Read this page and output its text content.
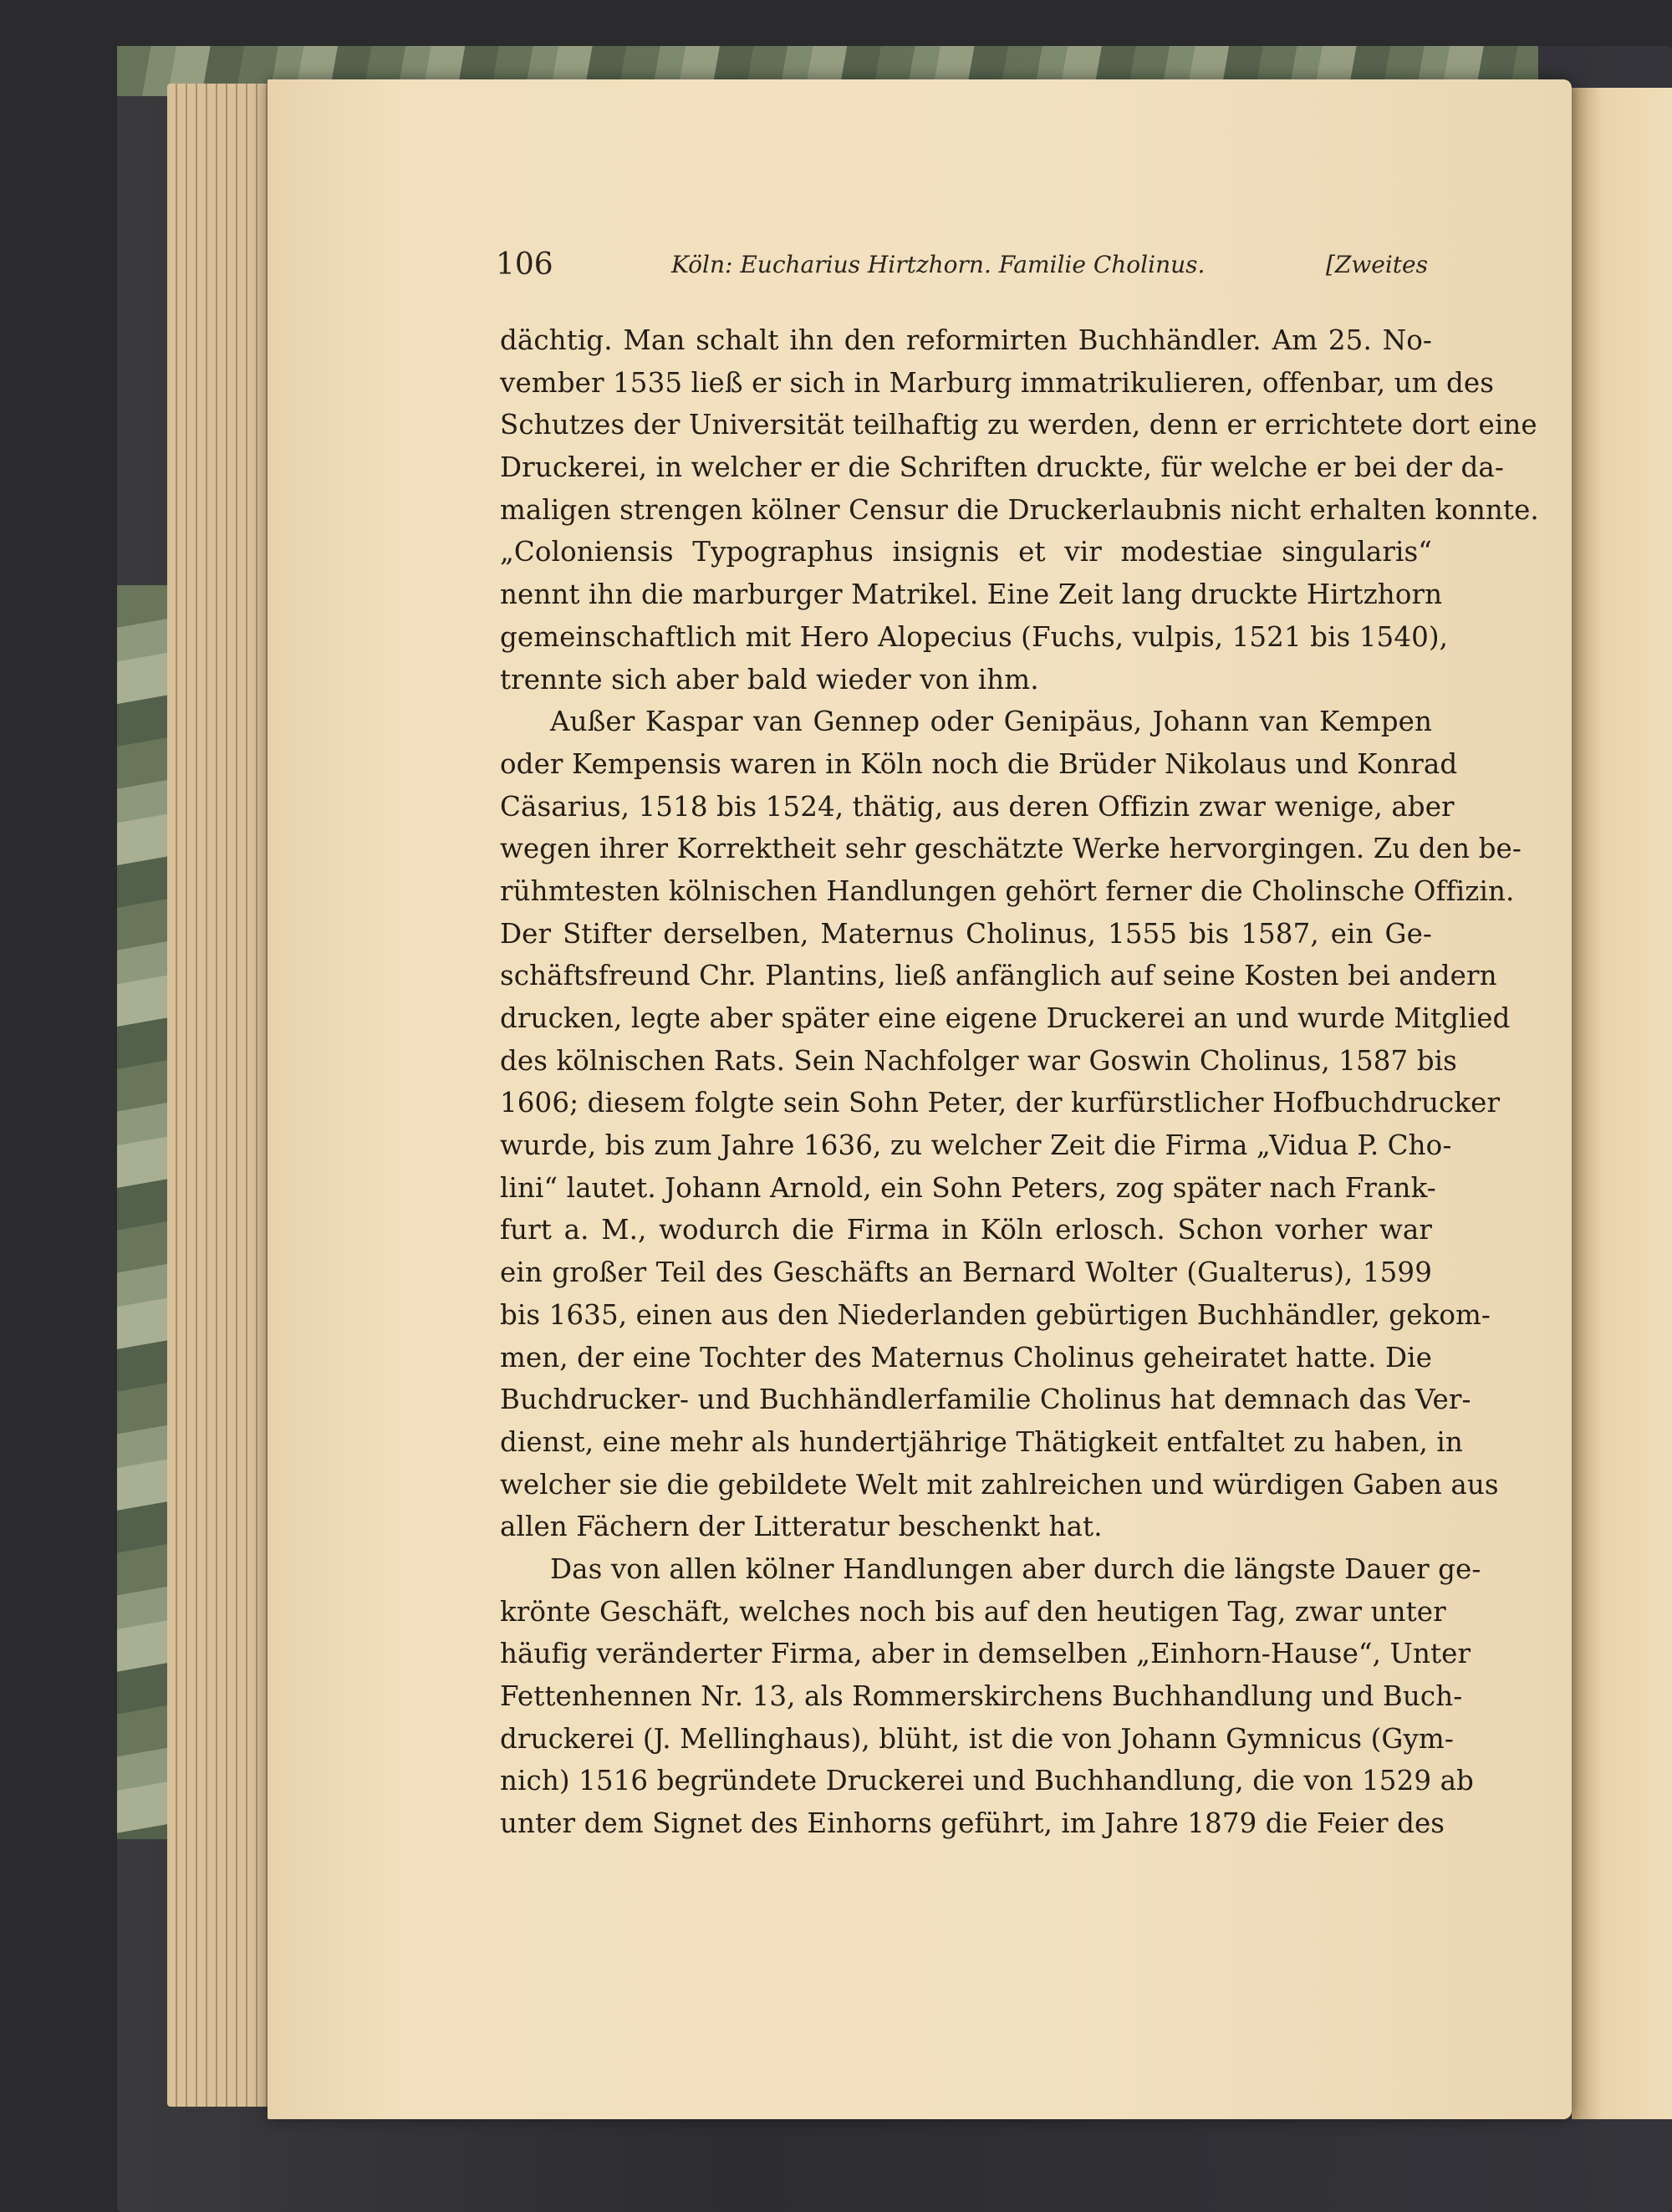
106	Köln: Eucharius Hirtzhorn. Familie Cholinus.	[Zweites
dächtig. Man schalt ihn den reformirten Buchhändler. Am 25. No-
vember 1535 ließ er sich in Marburg immatrikulieren, offenbar, um des
Schutzes der Universität teilhaftig zu werden, denn er errichtete dort eine
Druckerei, in welcher er die Schriften druckte, für welche er bei der da-
maligen strengen kölner Censur die Druckerlaubnis nicht erhalten konnte.
„Coloniensis Typographus insignis et vir modestiae singularis“
nennt ihn die marburger Matrikel. Eine Zeit lang druckte Hirtzhorn
gemeinschaftlich mit Hero Alopecius (Fuchs, vulpis, 1521 bis 1540),
trennte sich aber bald wieder von ihm.
Außer Kaspar van Gennep oder Genipäus, Johann van Kempen
oder Kempensis waren in Köln noch die Brüder Nikolaus und Konrad
Cäsarius, 1518 bis 1524, thätig, aus deren Offizin zwar wenige, aber
wegen ihrer Korrektheit sehr geschätzte Werke hervorgingen. Zu den be-
rühmtesten kölnischen Handlungen gehört ferner die Cholinsche Offizin.
Der Stifter derselben, Maternus Cholinus, 1555 bis 1587, ein Ge-
schäftsfreund Chr. Plantins, ließ anfänglich auf seine Kosten bei andern
drucken, legte aber später eine eigene Druckerei an und wurde Mitglied
des kölnischen Rats. Sein Nachfolger war Goswin Cholinus, 1587 bis
1606; diesem folgte sein Sohn Peter, der kurfürstlicher Hofbuchdrucker
wurde, bis zum Jahre 1636, zu welcher Zeit die Firma „Vidua P. Cho-
lini“ lautet. Johann Arnold, ein Sohn Peters, zog später nach Frank-
furt a. M., wodurch die Firma in Köln erlosch. Schon vorher war
ein großer Teil des Geschäfts an Bernard Wolter (Gualterus), 1599
bis 1635, einen aus den Niederlanden gebürtigen Buchhändler, gekom-
men, der eine Tochter des Maternus Cholinus geheiratet hatte. Die
Buchdrucker- und Buchhändlerfamilie Cholinus hat demnach das Ver-
dienst, eine mehr als hundertjährige Thätigkeit entfaltet zu haben, in
welcher sie die gebildete Welt mit zahlreichen und würdigen Gaben aus
allen Fächern der Litteratur beschenkt hat.
Das von allen kölner Handlungen aber durch die längste Dauer ge-
krönte Geschäft, welches noch bis auf den heutigen Tag, zwar unter
häufig veränderter Firma, aber in demselben „Einhorn-Hause“, Unter
Fettenhennen Nr. 13, als Rommerskirchens Buchhandlung und Buch-
druckerei (J. Mellinghaus), blüht, ist die von Johann Gymnicus (Gym-
nich) 1516 begründete Druckerei und Buchhandlung, die von 1529 ab
unter dem Signet des Einhorns geführt, im Jahre 1879 die Feier des
